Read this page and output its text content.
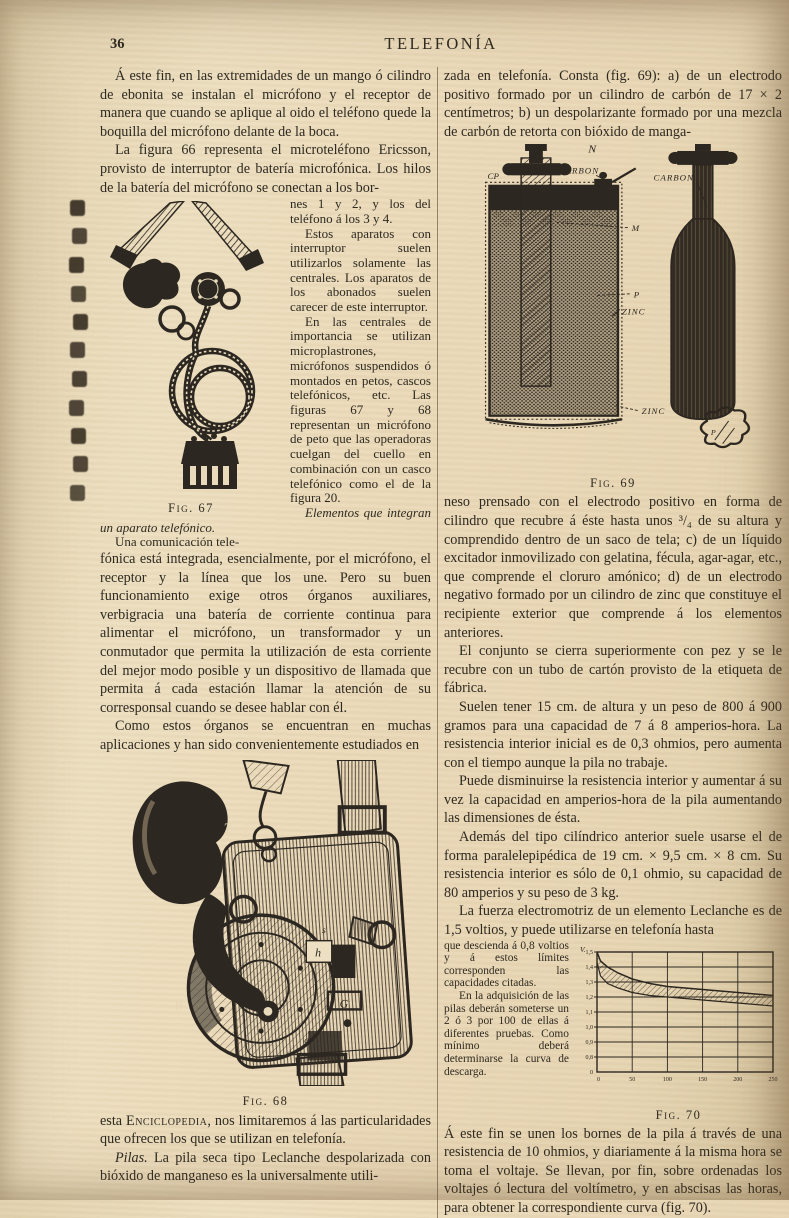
36	TELEFONÍA

Á este fin, en las extremidades de un mango ó cilindro de ebonita se instalan el micrófono y el receptor de manera que cuando se aplique al oido el teléfono quede la boquilla del micrófono delante de la boca.

La figura 66 representa el microteléfono Ericsson, provisto de interruptor de batería microfónica. Los hilos de la batería del micrófono se conectan a los bor-

Fig. 67

nes 1 y 2, y los del teléfono á los 3 y 4.

Estos aparatos con interruptor suelen utilizarlos solamente las centrales. Los aparatos de los abonados suelen carecer de este interruptor.

En las centrales de importancia se utilizan microplastrones, micrófonos suspendidos ó montados en petos, cascos telefónicos, etc. Las figuras 67 y 68 representan un micrófono de peto que las operadoras cuelgan del cuello en combinación con un casco telefónico como el de la figura 20.

Elementos que integran un aparato telefónico.

Una comunicación tele-

fónica está integrada, esencialmente, por el micrófono, el receptor y la línea que los une. Pero su buen funcionamiento exige otros órganos auxiliares, verbigracia una batería de corriente continua para alimentar el micrófono, un transformador y un conmutador que permita la utilización de esta corriente del mejor modo posible y un dispositivo de llamada que permita á cada estación llamar la atención de su corresponsal cuando se desee hablar con él.

Como estos órganos se encuentran en muchas aplicaciones y han sido convenientemente estudiados en

T
B
h
G
a
s
Fig. 68

esta Enciclopedia, nos limitaremos á las particularidades que ofrecen los que se utilizan en telefonía.

Pilas. La pila seca tipo Leclanche despolarizada con bióxido de manganeso es la universalmente utili-

zada en telefonía. Consta (fig. 69): a) de un electrodo positivo formado por un cilindro de carbón de 17 × 2 centímetros; b) un despolarizante formado por una mezcla de carbón de retorta con bióxido de manga-

N
CP
CARBON
M
P
ZINC
ZINC
CARBON
P
Fig. 69

neso prensado con el electrodo positivo en forma de cilindro que recubre á éste hasta unos ³/₄ de su altura y comprendido dentro de un saco de tela; c) de un líquido excitador inmovilizado con gelatina, fécula, agar-agar, etc., que comprende el cloruro amónico; d) de un electrodo negativo formado por un cilindro de zinc que constituye el recipiente exterior que comprende á los elementos anteriores.

El conjunto se cierra superiormente con pez y se le recubre con un tubo de cartón provisto de la etiqueta de fábrica.

Suelen tener 15 cm. de altura y un peso de 800 á 900 gramos para una capacidad de 7 á 8 amperios-hora. La resistencia interior inicial es de 0,3 ohmios, pero aumenta con el tiempo aunque la pila no trabaje.

Puede disminuirse la resistencia interior y aumentar á su vez la capacidad en amperios-hora de la pila aumentando las dimensiones de ésta.

Además del tipo cilíndrico anterior suele usarse el de forma paralelepipédica de 19 cm. × 9,5 cm. × 8 cm. Su resistencia interior es sólo de 0,1 ohmio, su capacidad de 80 amperios y su peso de 3 kg.

La fuerza electromotriz de un elemento Leclanche es de 1,5 voltios, y puede utilizarse en telefonía hasta

1,5
1,4
1,3
1,2
1,1
1,0
0,9
0,8
0
0	50	100	150	200	250
V.
Fig. 70

que descienda á 0,8 voltios y á estos límites corresponden las capacidades citadas.

En la adquisición de las pilas deberán someterse un 2 ó 3 por 100 de ellas á diferentes pruebas. Como mínimo deberá determinarse la curva de descarga.

Á este fin se unen los bornes de la pila á través de una resistencia de 10 ohmios, y diariamente á la misma hora se toma el voltaje. Se llevan, por fin, sobre ordenadas los voltajes ó lectura del voltímetro, y en abscisas las horas, para obtener la correspondiente curva (fig. 70).
